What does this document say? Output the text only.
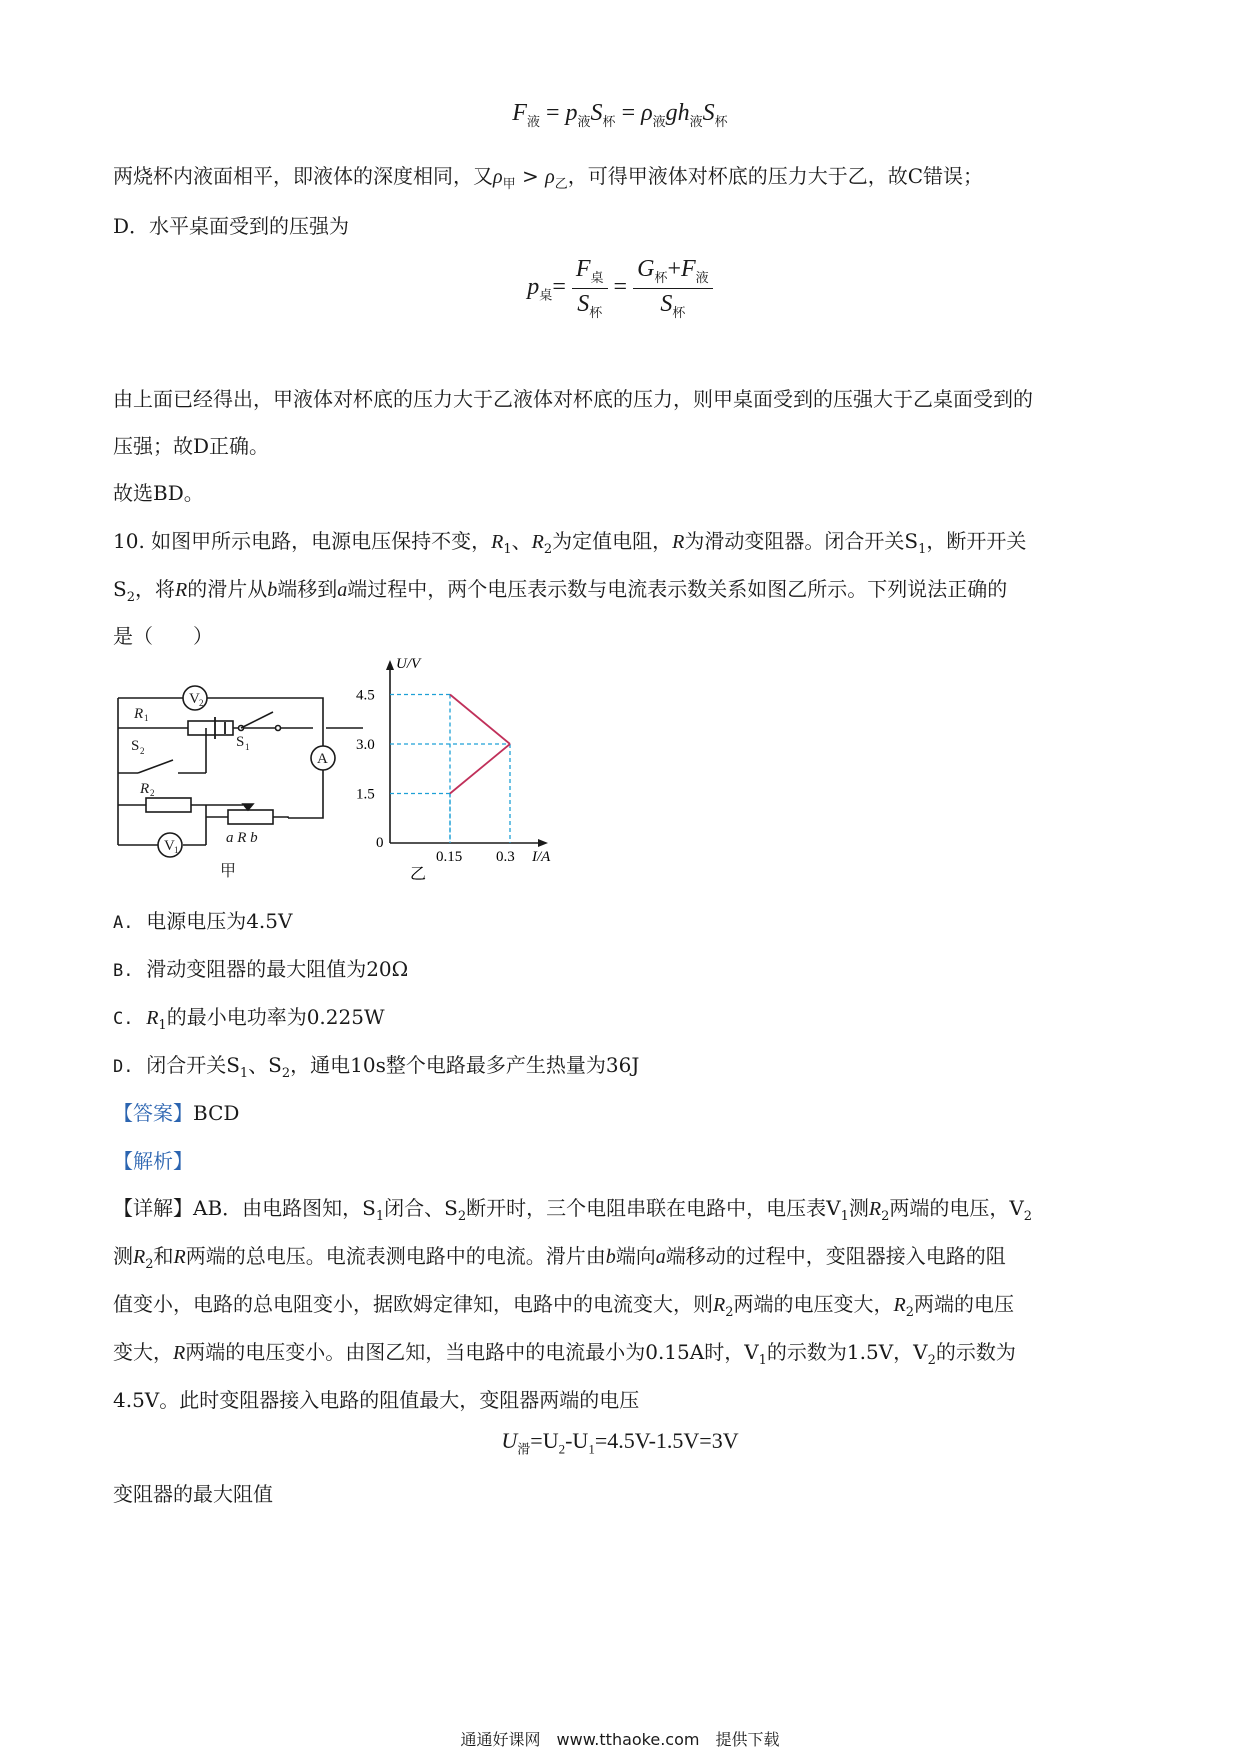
$F_液 = p_液S_杯 = \rho_液gh_液S_杯$
两烧杯内液面相平，即液体的深度相同，又$\rho_甲 > \rho_乙$，可得甲液体对杯底的压力大于乙，故C错误；
D．水平桌面受到的压强为
$p_桌= \frac{F_桌}{S_杯} = \frac{G_杯+F_液}{S_杯}$
由上面已经得出，甲液体对杯底的压力大于乙液体对杯底的压力，则甲桌面受到的压强大于乙桌面受到的
压强；故D正确。
故选BD。
10. 如图甲所示电路，电源电压保持不变，$R_1$、$R_2$为定值电阻，R为滑动变阻器。闭合开关$S_1$，断开开关
$S_2$，将R的滑片从b端移到a端过程中，两个电压表示数与电流表示数关系如图乙所示。下列说法正确的
是（　　）
V 2
A
V 1
R 1
R 2
S 2
S 1
a R b
甲
U/V
I/A
0
4.5
3.0
1.5
0.15 0.3
乙
A. 电源电压为4.5V
B. 滑动变阻器的最大阻值为20Ω
C. $R_1$的最小电功率为0.225W
D. 闭合开关$S_1$、$S_2$，通电10s整个电路最多产生热量为36J
【答案】BCD
【解析】
【详解】AB．由电路图知，$S_1$闭合、$S_2$断开时，三个电阻串联在电路中，电压表$V_1$测$R_2$两端的电压，$V_2$
测$R_2$和R两端的总电压。电流表测电路中的电流。滑片由b端向a端移动的过程中，变阻器接入电路的阻
值变小，电路的总电阻变小，据欧姆定律知，电路中的电流变大，则$R_2$两端的电压变大，$R_2$两端的电压
变大，R两端的电压变小。由图乙知，当电路中的电流最小为0.15A时，$V_1$的示数为1.5V，$V_2$的示数为
4.5V。此时变阻器接入电路的阻值最大，变阻器两端的电压
$U_滑=U_2-U_1=4.5V-1.5V=3V$
变阻器的最大阻值
通通好课网　www.tthaoke.com　提供下载
